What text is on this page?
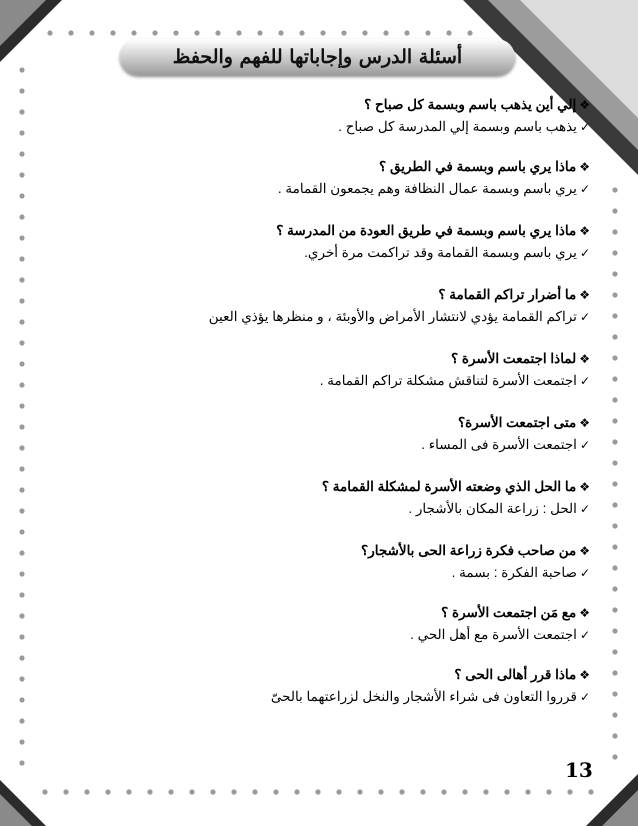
أسئلة الدرس وإجاباتها للفهم والحفظ
❖إلي أين يذهب باسم وبسمة كل صباح ؟
✓يذهب باسم وبسمة إلي المدرسة كل صباح .
❖ماذا يري باسم وبسمة في الطريق ؟
✓يري باسم وبسمة عمال النظافة وهم يجمعون القمامة .
❖ماذا يري باسم وبسمة في طريق العودة من المدرسة ؟
✓يري باسم وبسمة القمامة وقد تراكمت مرة أخري.
❖ما أضرار تراكم القمامة ؟
✓تراكم القمامة يؤدي لانتشار الأمراض والأوبئة ، و منظرها يؤذي العين
❖لماذا اجتمعت الأسرة ؟
✓اجتمعت الأسرة لتناقش مشكلة تراكم القمامة .
❖متى اجتمعت الأسرة؟
✓اجتمعت الأسرة فى المساء .
❖ما الحل الذي وضعته الأسرة لمشكلة القمامة ؟
✓الحل : زراعة المكان بالأشجار .
❖من صاحب فكرة زراعة الحى بالأشجار؟
✓صاحبة الفكرة : بسمة .
❖مع مَن اجتمعت الأسرة ؟
✓اجتمعت الأسرة مع أهل الحي .
❖ماذا قرر أهالى الحى ؟
✓قرروا التعاون فى شراء الأشجار والنخل لزراعتهما بالحىّ
13
